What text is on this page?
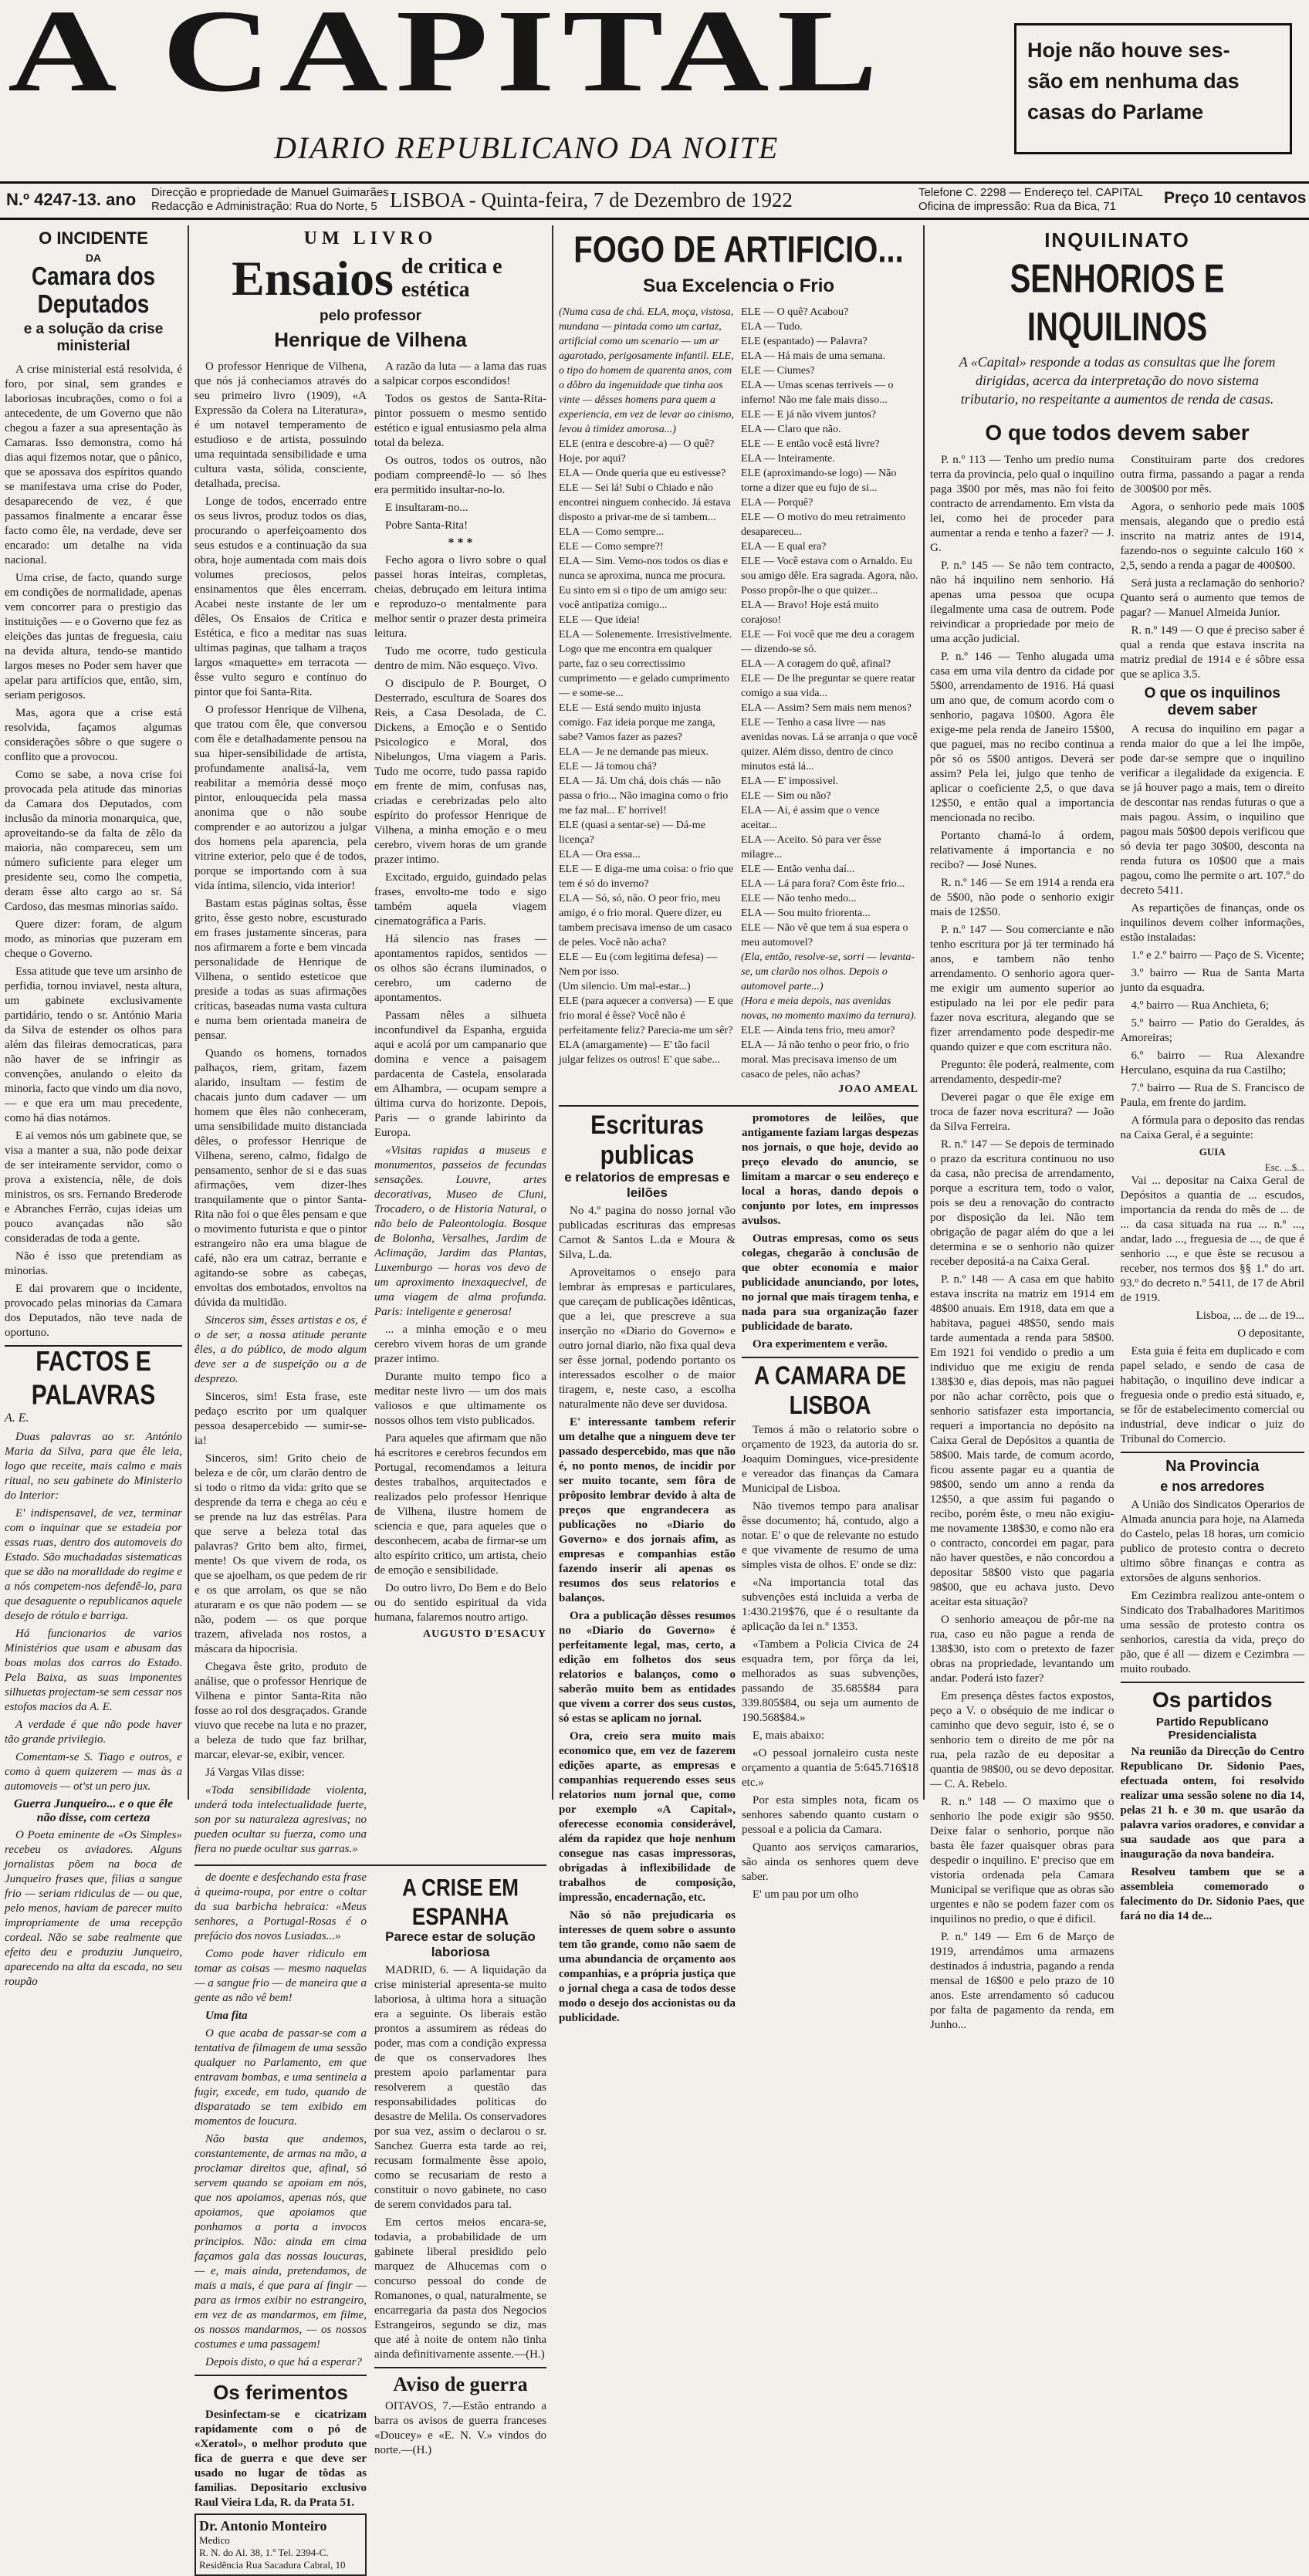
A CAPITAL
DIARIO REPUBLICANO DA NOITE

Hoje não houve ses-

são em nenhuma das

casas do Parlame

N.º 4247-13. ano Direcção e propriedade de Manuel Guimarães
Redacção e Administração: Rua do Norte, 5 LISBOA - Quinta-feira, 7 de Dezembro de 1922	Telefone C. 2298 — Endereço tel. CAPITAL
Oficina de impressão: Rua da Bica, 71	Preço 10 centavos
O INCIDENTE
DA
Camara dos Deputados
e a solução da crise ministerial

A crise ministerial está resolvida, é foro, por sinal, sem grandes e laboriosas incubrações, como o foi a antecedente, de um Governo que não chegou a fazer a sua apresentação às Camaras. Isso demonstra, como há dias aqui fizemos notar, que o pânico, que se apossava dos espíritos quando se manifestava uma crise do Poder, desaparecendo de vez, é que passamos finalmente a encarar êsse facto como êle, na verdade, deve ser encarado: um detalhe na vida nacional.

Uma crise, de facto, quando surge em condições de normalidade, apenas vem concorrer para o prestigio das instituições — e o Governo que fez as eleições das juntas de freguesia, caiu na devida altura, tendo-se mantido largos meses no Poder sem haver que apelar para artifícios que, então, sim, seriam perigosos.

Mas, agora que a crise está resolvida, façamos algumas considerações sôbre o que sugere o conflito que a provocou.

Como se sabe, a nova crise foi provocada pela atitude das minorias da Camara dos Deputados, com inclusão da minoria monarquica, que, aproveitando-se da falta de zêlo da maioria, não compareceu, sem um número suficiente para eleger um presidente seu, como lhe competia, deram êsse alto cargo ao sr. Sá Cardoso, das mesmas minorias saído.

Quere dizer: foram, de algum modo, as minorias que puzeram em cheque o Governo.

Essa atitude que teve um arsinho de perfidia, tornou inviavel, nesta altura, um gabinete exclusivamente partidário, tendo o sr. António Maria da Silva de estender os olhos para além das fileiras democraticas, para não haver de se infringir as convenções, anulando o eleito da minoria, facto que vindo um dia novo, — e que era um mau precedente, como há dias notámos.

E ai vemos nós um gabinete que, se visa a manter a sua, não pode deixar de ser inteiramente servidor, como o prova a existencia, nêle, de dois ministros, os srs. Fernando Brederode e Abranches Ferrão, cujas ideias um pouco avançadas não são consideradas de toda a gente.

Não é isso que pretendiam as minorias.

E dai provarem que o incidente, provocado pelas minorias da Camara dos Deputados, não teve nada de oportuno.

FACTOS E PALAVRAS
A. E.

Duas palavras ao sr. António Maria da Silva, para que êle leia, logo que receite, mais calmo e mais ritual, no seu gabinete do Ministerio do Interior:

E' indispensavel, de vez, terminar com o inquinar que se estadeia por essas ruas, dentro dos automoveis do Estado. São muchadadas sistematicas que se dão na moralidade do regime e a nós competem-nos defendê-lo, para que desaguente o republicanos aquele desejo de rótulo e barriga.

Há funcionarios de varios Ministérios que usam e abusam das boas molas dos carros do Estado. Pela Baixa, as suas imponentes silhuetas projectam-se sem cessar nos estofos macios da A. E.

A verdade é que não pode haver tão grande privilegio.

Comentam-se S. Tiago e outros, e como à quem quizerem — mas às a automoveis — ot'st un pero jux.

Guerra Junqueiro... e o que êle não disse, com certeza

O Poeta eminente de «Os Simples» recebeu os aviadores. Alguns jornalistas põem na boca de Junqueiro frases que, filias a sangue frio — seriam ridiculas de — ou que, pelo menos, haviam de parecer muito impropriamente de uma recepção cordeal. Não se sabe realmente que efeito deu e produziu Junqueiro, aparecendo na alta da escada, no seu roupão

UM LIVRO
Ensaios de critica e estética
pelo professor
Henrique de Vilhena

O professor Henrique de Vilhena, que nós já conheciamos através do seu primeiro livro (1909), «A Expressão da Colera na Literatura», é um notavel temperamento de estudioso e de artista, possuindo uma requintada sensibilidade e uma cultura vasta, sólida, consciente, detalhada, precisa.

Longe de todos, encerrado entre os seus livros, produz todos os dias, procurando o aperfeiçoamento dos seus estudos e a continuação da sua obra, hoje aumentada com mais dois volumes preciosos, pelos ensinamentos que êles encerram. Acabei neste instante de ler um dêles, Os Ensaios de Critica e Estética, e fico a meditar nas suas ultimas paginas, que talham a traços largos «maquette» em terracota — êsse vulto seguro e contínuo do pintor que foi Santa-Rita.

O professor Henrique de Vilhena, que tratou com êle, que conversou com êle e detalhadamente pensou na sua hiper-sensibilidade de artista, profundamente analisá-la, vem reabilitar a memória dessé moço pintor, enlouquecida pela massa anonima que o não soube comprender e ao autorizou a julgar dos homens pela aparencia, pela vitrine exterior, pelo que é de todos, porque se importando com à sua vida íntima, silencio, vida interior!

Bastam estas páginas soltas, êsse grito, êsse gesto nobre, escusturado em frases justamente sinceras, para nos afirmarem a forte e bem vincada personalidade de Henrique de Vilhena, o sentido esteticoe que preside a todas as suas afirmações críticas, baseadas numa vasta cultura e numa bem orientada maneira de pensar.

Quando os homens, tornados palhaços, riem, gritam, fazem alarido, insultam — festim de chacais junto dum cadaver — um homem que êles não conheceram, uma sensibilidade muito distanciada dêles, o professor Henrique de Vilhena, sereno, calmo, fidalgo de pensamento, senhor de si e das suas afirmações, vem dizer-lhes tranquilamente que o pintor Santa-Rita não foi o que êles pensam e que o movimento futurista e que o pintor estrangeiro não era uma blague de café, não era um catraz, berrante e agitando-se sobre as cabeças, envoltas dos embotados, envoltos na dúvida da multidão.

Sinceros sim, êsses artistas e os, é o de ser, a nossa atitude perante êles, a do público, de modo algum deve ser a de suspeição ou a de desprezo.

Sinceros, sim! Esta frase, este pedaço escrito por um qualquer pessoa desapercebido — sumir-se-ia!

Sinceros, sim! Grito cheio de beleza e de côr, um clarão dentro de si todo o ritmo da vida: grito que se desprende da terra e chega ao céu e se prende na luz das estrêlas. Para que serve a beleza total das palavras? Grito bem alto, firmei, mente! Os que vivem de roda, os que se ajoelham, os que pedem de rir e os que arrolam, os que se não aturaram e os que não podem — se não, podem — os que porque trazem, afivelada nos rostos, a máscara da hipocrisia.

Chegava êste grito, produto de análise, que o professor Henrique de Vilhena e pintor Santa-Rita não fosse ao rol dos desgraçados. Grande viuvo que recebe na luta e no prazer, a beleza de tudo que faz brilhar, marcar, elevar-se, exibir, vencer.

Já Vargas Vilas disse:

«Toda sensibilidade violenta, underá toda intelectualidade fuerte, son por su naturaleza agresivas; no pueden ocultar su fuerza, como una fiera no puede ocultar sus garras.»

A razão da luta — a lama das ruas a salpicar corpos escondidos!

Todos os gestos de Santa-Rita-pintor possuem o mesmo sentido estético e igual entusiasmo pela alma total da beleza.

Os outros, todos os outros, não podiam compreendê-lo — só lhes era permitido insultar-no-lo.

E insultaram-no...

Pobre Santa-Rita!

* * *

Fecho agora o livro sobre o qual passei horas inteiras, completas, cheias, debruçado em leitura intima e reproduzo-o mentalmente para melhor sentir o prazer desta primeira leitura.

Tudo me ocorre, tudo gesticula dentro de mim. Não esqueço. Vivo.

O discipulo de P. Bourget, O Desterrado, escultura de Soares dos Reis, a Casa Desolada, de C. Dickens, a Emoção e o Sentido Psicologico e Moral, dos Nibelungos, Uma viagem a Paris. Tudo me ocorre, tudo passa rapido em frente de mim, confusas nas, criadas e cerebrizadas pelo alto espírito do professor Henrique de Vilhena, a minha emoção e o meu cerebro, vivem horas de um grande prazer intimo.

Excitado, erguido, guindado pelas frases, envolto-me todo e sigo também aquela viagem cinematográfica a Paris.

Há silencio nas frases — apontamentos rapidos, sentidos — os olhos são écrans iluminados, o cerebro, um caderno de apontamentos.

Passam nêles a silhueta inconfundivel da Espanha, erguida aqui e acolá por um campanario que domina e vence a paisagem pardacenta de Castela, ensolarada em Alhambra, — ocupam sempre a última curva do horizonte. Depois, Paris — o grande labirinto da Europa.

«Visitas rapidas a museus e monumentos, passeios de fecundas sensações. Louvre, artes decorativas, Museo de Cluni, Trocadero, o de Historia Natural, o não belo de Paleontologia. Bosque de Bolonha, Versalhes, Jardim de Aclimação, Jardim das Plantas, Luxemburgo — horas vos devo de um aproximento inexaquecivel, de uma viagem de alma profunda. Paris: inteligente e generosa!

... a minha emoção e o meu cerebro vivem horas de um grande prazer intimo.

Durante muito tempo fico a meditar neste livro — um dos mais valiosos e que ultimamente os nossos olhos tem visto publicados.

Para aqueles que afirmam que não há escritores e cerebros fecundos em Portugal, recomendamos a leitura destes trabalhos, arquitectados e realizados pelo professor Henrique de Vilhena, ilustre homem de sciencia e que, para aqueles que o desconhecem, acaba de firmar-se um alto espírito critico, um artista, cheio de emoção e sensibilidade.

Do outro livro, Do Bem e do Belo ou do sentido espiritual da vida humana, falaremos noutro artigo.

AUGUSTO D'ESACUY

de doente e desfechando esta frase à queima-roupa, por entre o coltar da sua barbicha hebraica: «Meus senhores, a Portugal-Rosas é o prefácio dos novos Lusiadas...»

Como pode haver ridiculo em tomar as coisas — mesmo naquelas — a sangue frio — de maneira que a gente as não vê bem!

Uma fita

O que acaba de passar-se com a tentativa de filmagem de uma sessão qualquer no Parlamento, em que entravam bombas, e uma sentinela a fugir, excede, em tudo, quando de disparatado se tem exibido em momentos de loucura.

Não basta que andemos, constantemente, de armas na mão, a proclamar direitos que, afinal, só servem quando se apoiam em nós, que nos apoiamos, apenas nós, que apoiamos, que apoiamos que ponhamos a porta a invocos principios. Não: ainda em cima façamos gala das nossas loucuras, — e, mais ainda, pretendamos, de mais a mais, é que para aí fingir — para as irmos exibir no estrangeiro, em vez de as mandarmos, em filme, os nossos mandarmos, — os nossos costumes e uma passagem!

Depois disto, o que há a esperar?

Os ferimentos

Desinfectam-se e cicatrizam rapidamente com o pó de «Xeratol», o melhor produto que fica de guerra e que deve ser usado no lugar de tôdas as familias. Depositario exclusivo Raul Vieira Lda, R. da Prata 51.

Dr. Antonio Monteiro
Medico
R. N. do Al. 38, 1.º Tel. 2394-C. Residência Rua Sacadura Cabral, 10
A CRISE EM ESPANHA
Parece estar de solução laboriosa

MADRID, 6. — A liquidação da crise ministerial apresenta-se muito laboriosa, à ultima hora a situação era a seguinte. Os liberais estão prontos a assumirem as rédeas do poder, mas com a condição expressa de que os conservadores lhes prestem apoio parlamentar para resolverem a questão das responsabilidades politicas do desastre de Melila. Os conservadores por sua vez, assim o declarou o sr. Sanchez Guerra esta tarde ao rei, recusam formalmente êsse apoio, como se recusariam de resto a constituir o novo gabinete, no caso de serem convidados para tal.

Em certos meios encara-se, todavia, a probabilidade de um gabinete liberal presidido pelo marquez de Alhucemas com o concurso pessoal do conde de Romanones, o qual, naturalmente, se encarregaria da pasta dos Negocios Estrangeiros, segundo se diz, mas que até à noite de ontem não tinha ainda definitivamente assente.—(H.)

Aviso de guerra

OITAVOS, 7.—Estão entrando a barra os avisos de guerra franceses «Doucey» e «E. N. V.» vindos do norte.—(H.)

FOGO DE ARTIFICIO...
Sua Excelencia o Frio

(Numa casa de chá. ELA, moça, vistosa, mundana — pintada como um cartaz, artificial como um scenario — um ar agarotado, perigosamente infantil. ELE, o tipo do homem de quarenta anos, com o dôbro da ingenuidade que tinha aos vinte — dêsses homens para quem a experiencia, em vez de levar ao cinismo, levou à timidez amorosa...)

ELE (entra e descobre-a) — O quê? Hoje, por aqui?

ELA — Onde queria que eu estivesse?

ELE — Sei lá! Subi o Chiado e não encontrei ninguem conhecido. Já estava disposto a privar-me de si tambem...

ELA — Como sempre...

ELE — Como sempre?!

ELA — Sim. Vemo-nos todos os dias e nunca se aproxima, nunca me procura. Eu sinto em si o tipo de um amigo seu: você antipatiza comigo...

ELE — Que ideia!

ELA — Solenemente. Irresistivelmente. Logo que me encontra em qualquer parte, faz o seu correctissimo cumprimento — e gelado cumprimento — e some-se...

ELE — Está sendo muito injusta comigo. Faz ideia porque me zanga, sabe? Vamos fazer as pazes?

ELA — Je ne demande pas mieux.

ELE — Já tomou chá?

ELA — Já. Um chá, dois chás — não passa o frio... Não imagina como o frio me faz mal... E' horrivel!

ELE (quasi a sentar-se) — Dá-me licença?

ELA — Ora essa...

ELE — E diga-me uma coisa: o frio que tem é só do inverno?

ELA — Só, só, não. O peor frio, meu amigo, é o frio moral. Quere dizer, eu tambem precisava imenso de um casaco de peles. Você não acha?

ELE — Eu (com legitima defesa) — Nem por isso.

(Um silencio. Um mal-estar...)

ELE (para aquecer a conversa) — E que frio moral é êsse? Você não é perfeitamente feliz? Parecia-me um sêr?

ELA (amargamente) — E' tão facil julgar felizes os outros! E' que sabe...

ELE — O quê? Acabou?

ELA — Tudo.

ELE (espantado) — Palavra?

ELA — Há mais de uma semana.

ELE — Ciumes?

ELA — Umas scenas terriveis — o inferno! Não me fale mais disso...

ELE — E já não vivem juntos?

ELA — Claro que não.

ELE — E então você está livre?

ELA — Inteiramente.

ELE (aproximando-se logo) — Não torne a dizer que eu fujo de si...

ELA — Porquê?

ELE — O motivo do meu retraimento desapareceu...

ELA — E qual era?

ELE — Você estava com o Arnaldo. Eu sou amigo dêle. Era sagrada. Agora, não. Posso propôr-lhe o que quizer...

ELA — Bravo! Hoje está muito corajoso!

ELE — Foi você que me deu a coragem — dizendo-se só.

ELA — A coragem do quê, afinal?

ELE — De lhe preguntar se quere reatar comigo a sua vida...

ELA — Assim? Sem mais nem menos?

ELE — Tenho a casa livre — nas avenidas novas. Lá se arranja o que você quizer. Além disso, dentro de cinco minutos está lá...

ELA — E' impossivel.

ELE — Sim ou não?

ELA — Ai, é assim que o vence aceitar...

ELA — Aceito. Só para ver êsse milagre...

ELE — Então venha daí...

ELA — Lá para fora? Com êste frio...

ELE — Não tenho medo...

ELA — Sou muito friorenta...

ELE — Não vê que tem á sua espera o meu automovel?

(Ela, então, resolve-se, sorri — levanta-se, um clarão nos olhos. Depois o automovel parte...)

(Hora e meia depois, nas avenidas novas, no momento maximo da ternura).

ELE — Ainda tens frio, meu amor?

ELA — Já não tenho o peor frio, o frio moral. Mas precisava imenso de um casaco de peles, não achas?

JOAO AMEAL
Escrituras publicas
e relatorios de empresas e leilões

No 4.º pagina do nosso jornal vão publicadas escrituras das empresas Carnot & Santos L.da e Moura & Silva, L.da.

Aproveitamos o ensejo para lembrar às empresas e particulares, que careçam de publicações idênticas, que a lei, que prescreve a sua inserção no «Diario do Governo» e outro jornal diario, não fixa qual deva ser êsse jornal, podendo portanto os interessados escolher o de maior tiragem, e, neste caso, a escolha naturalmente não deve ser duvidosa.

E' interessante tambem referir um detalhe que a ninguem deve ter passado despercebido, mas que não é, no ponto menos, de incidir por ser muito tocante, sem fôra de prôposito lembrar devido à alta de preços que engrandecera as publicações no «Diario do Governo» e dos jornais afim, as empresas e companhias estão fazendo inserir ali apenas os resumos dos seus relatorios e balanços.

Ora a publicação dêsses resumos no «Diario do Governo» é perfeitamente legal, mas, certo, a edição em folhetos dos seus relatorios e balanços, como o saberão muito bem as entidades que vivem a correr dos seus custos, só estas se aplicam no jornal.

Ora, creio sera muito mais economico que, em vez de fazerem edições aparte, as empresas e companhias requerendo esses seus relatorios num jornal que, como por exemplo «A Capital», oferecesse economia considerável, além da rapidez que hoje nenhum consegue nas casas impressoras, obrigadas à inflexibilidade de trabalhos de composição, impressão, encadernação, etc.

Não só não prejudicaria os interesses de quem sobre o assunto tem tão grande, como não saem de uma abundancia de orçamento aos companhias, e a própria justiça que o jornal chega a casa de todos desse modo o desejo dos accionistas ou da publicidade.

promotores de leilões, que antigamente faziam largas despezas nos jornais, o que hoje, devido ao preço elevado do anuncio, se limitam a marcar o seu endereço e local a horas, dando depois o conjunto por lotes, em impressos avulsos.

Outras empresas, como os seus colegas, chegarão à conclusão de que obter economia e maior publicidade anunciando, por lotes, no jornal que mais tiragem tenha, e nada para sua organização fazer publicidade de barato.

Ora experimentem e verão.

A CAMARA DE LISBOA

Temos á mão o relatorio sobre o orçamento de 1923, da autoria do sr. Joaquim Domingues, vice-presidente e vereador das finanças da Camara Municipal de Lisboa.

Não tivemos tempo para analisar êsse documento; há, contudo, algo a notar. E' o que de relevante no estudo e que vivamente de resumo de uma simples vista de olhos. E' onde se diz:

«Na importancia total das subvenções está incluida a verba de 1:430.219$76, que é o resultante da aplicação da lei n.º 1353.

«Tambem a Policia Civica de 24 esquadra tem, por fôrça da lei, melhorados as suas subvenções, passando de 35.685$84 para 339.805$84, ou seja um aumento de 190.568$84.»

E, mais abaixo:

«O pessoal jornaleiro custa neste orçamento a quantia de 5:645.716$18 etc.»

Por esta simples nota, ficam os senhores sabendo quanto custam o pessoal e a policia da Camara.

Quanto aos serviços camararios, são ainda os senhores quem deve saber.

E' um pau por um olho

INQUILINATO
SENHORIOS E INQUILINOS

A «Capital» responde a todas as consultas que lhe forem dirigidas, acerca da interpretação do novo sistema tributario, no respeitante a aumentos de renda de casas.

O que todos devem saber

P. n.º 113 — Tenho um predio numa terra da provincia, pelo qual o inquilino paga 3$00 por mês, mas não foi feito contracto de arrendamento. Em vista da lei, como hei de proceder para aumentar a renda e tenho a fazer? — J. G.

P. n.º 145 — Se não tem contracto, não há inquilino nem senhorio. Há apenas uma pessoa que ocupa ilegalmente uma casa de outrem. Pode reivindicar a propriedade por meio de uma acção judicial.

P. n.º 146 — Tenho alugada uma casa em uma vila dentro da cidade por 5$00, arrendamento de 1916. Há quasi um ano que, de comum acordo com o senhorio, pagava 10$00. Agora êle exige-me pela renda de Janeiro 15$00, que paguei, mas no recibo continua a pôr só os 5$00 antigos. Deverá ser assim? Pela lei, julgo que tenho de aplicar o coeficiente 2,5, o que dava 12$50, e então qual a importancia mencionada no recibo.

Portanto chamá-lo á ordem, relativamente á importancia e no recibo? — José Nunes.

R. n.º 146 — Se em 1914 a renda era de 5$00, não pode o senhorio exigir mais de 12$50.

P. n.º 147 — Sou comerciante e não tenho escritura por já ter terminado há anos, e tambem não tenho arrendamento. O senhorio agora quer-me exigir um aumento superior ao estipulado na lei por ele pedir para fazer nova escritura, alegando que se fizer arrendamento pode despedir-me quando quizer e que com escritura não.

Pregunto: êle poderá, realmente, com arrendamento, despedir-me?

Deverei pagar o que êle exige em troca de fazer nova escritura? — João da Silva Ferreira.

R. n.º 147 — Se depois de terminado o prazo da escritura continuou no uso da casa, não precisa de arrendamento, porque a escritura tem, todo o valor, pois se deu a renovação do contracto por disposição da lei. Não tem obrigação de pagar além do que a lei determina e se o senhorio não quizer receber depositá-a na Caixa Geral.

P. n.º 148 — A casa em que habito estava inscrita na matriz em 1914 em 48$00 anuais. Em 1918, data em que a habitava, paguei 48$50, sendo mais tarde aumentada a renda para 58$00. Em 1921 foi vendido o predio a um individuo que me exigiu de renda 138$30 e, dias depois, mas não paguei por não achar corrêcto, pois que o senhorio satisfazer esta importancia, requeri a importancia no depósito na Caixa Geral de Depósitos a quantia de 58$00. Mais tarde, de comum acordo, ficou assente pagar eu a quantia de 98$00, sendo um anno a renda da 12$50, a que assim fui pagando o recibo, porém êste, o meu não exigiu-me novamente 138$30, e como não era o contracto, concordei em pagar, para não haver questões, e não concordou a depositar 58$00 visto que pagaria 98$00, que eu achava justo. Devo aceitar esta situação?

O senhorio ameaçou de pôr-me na rua, caso eu não pague a renda de 138$30, isto com o pretexto de fazer obras na propriedade, levantando um andar. Poderá isto fazer?

Em presença dêstes factos expostos, peço a V. o obséquio de me indicar o caminho que devo seguir, isto é, se o senhorio tem o direito de me pôr na rua, pela razão de eu depositar a quantia de 98$00, ou se devo depositar. — C. A. Rebelo.

R. n.º 148 — O maximo que o senhorio lhe pode exigir são 9$50. Deixe falar o senhorio, porque não basta êle fazer quaisquer obras para despedir o inquilino. E' preciso que em vistoria ordenada pela Camara Municipal se verifique que as obras são urgentes e não se podem fazer com os inquilinos no predio, o que é dificil.

P. n.º 149 — Em 6 de Março de 1919, arrendámos uma armazens destinados á industria, pagando a renda mensal de 16$00 e pelo prazo de 10 anos. Este arrendamento só caducou por falta de pagamento da renda, em Junho...

Constituiram parte dos credores outra firma, passando a pagar a renda de 300$00 por mês.

Agora, o senhorio pede mais 100$ mensais, alegando que o predio está inscrito na matriz antes de 1914, fazendo-nos o seguinte calculo 160 × 2,5, sendo a renda a pagar de 400$00.

Será justa a reclamação do senhorio? Quanto será o aumento que temos de pagar? — Manuel Almeida Junior.

R. n.º 149 — O que é preciso saber é qual a renda que estava inscrita na matriz predial de 1914 e é sôbre essa que se aplica 3.5.

O que os inquilinos devem saber

A recusa do inquilino em pagar a renda maior do que a lei lhe impõe, pode dar-se sempre que o inquilino verificar a ilegalidade da exigencia. E se já houver pago a mais, tem o direito de descontar nas rendas futuras o que a mais pagou. Assim, o inquilino que pagou mais 50$00 depois verificou que só devia ter pago 30$00, desconta na renda futura os 10$00 que a mais pagou, como lhe permite o art. 107.º do decreto 5411.

As repartições de finanças, onde os inquilinos devem colher informações, estão instaladas:

1.º e 2.º bairro — Paço de S. Vicente;

3.º bairro — Rua de Santa Marta junto da esquadra.

4.º bairro — Rua Anchieta, 6;

5.º bairro — Patio do Geraldes, ás Amoreiras;

6.º bairro — Rua Alexandre Herculano, esquina da rua Castilho;

7.º bairro — Rua de S. Francisco de Paula, em frente do jardim.

A fórmula para o deposito das rendas na Caixa Geral, é a seguinte:

GUIA
Esc. ...$...

Vai ... depositar na Caixa Geral de Depósitos a quantia de ... escudos, importancia da renda do mês de ... de ... da casa situada na rua ... n.º ..., andar, lado ..., freguesia de ..., de que é senhorio ..., e que êste se recusou a receber, nos termos dos §§ 1.º do art. 93.º do decreto n.º 5411, de 17 de Abril de 1919.

Lisboa, ... de ... de 19...

O depositante,

Esta guia é feita em duplicado e com papel selado, e sendo de casa de habitação, o inquilino deve indicar a freguesia onde o predio está situado, e, se fôr de estabelecimento comercial ou industrial, deve indicar o juiz do Tribunal do Comercio.

Na Provincia
e nos arredores

A União dos Sindicatos Operarios de Almada anuncia para hoje, na Alameda do Castelo, pelas 18 horas, um comicio publico de protesto contra o decreto ultimo sôbre finanças e contra as extorsões de alguns senhorios.

Em Cezimbra realizou ante-ontem o Sindicato dos Trabalhadores Maritimos uma sessão de protesto contra os senhorios, carestia da vida, preço do pão, que é all — dizem e Cezimbra — muito roubado.

Os partidos
Partido Republicano Presidencialista

Na reunião da Direcção do Centro Republicano Dr. Sidonio Paes, efectuada ontem, foi resolvido realizar uma sessão solene no dia 14, pelas 21 h. e 30 m. que usarão da palavra varios oradores, e convidar a sua saudade aos que para a inauguração da nova bandeira.

Resolveu tambem que se a assembleia comemorado o falecimento do Dr. Sidonio Paes, que fará no dia 14 de...
